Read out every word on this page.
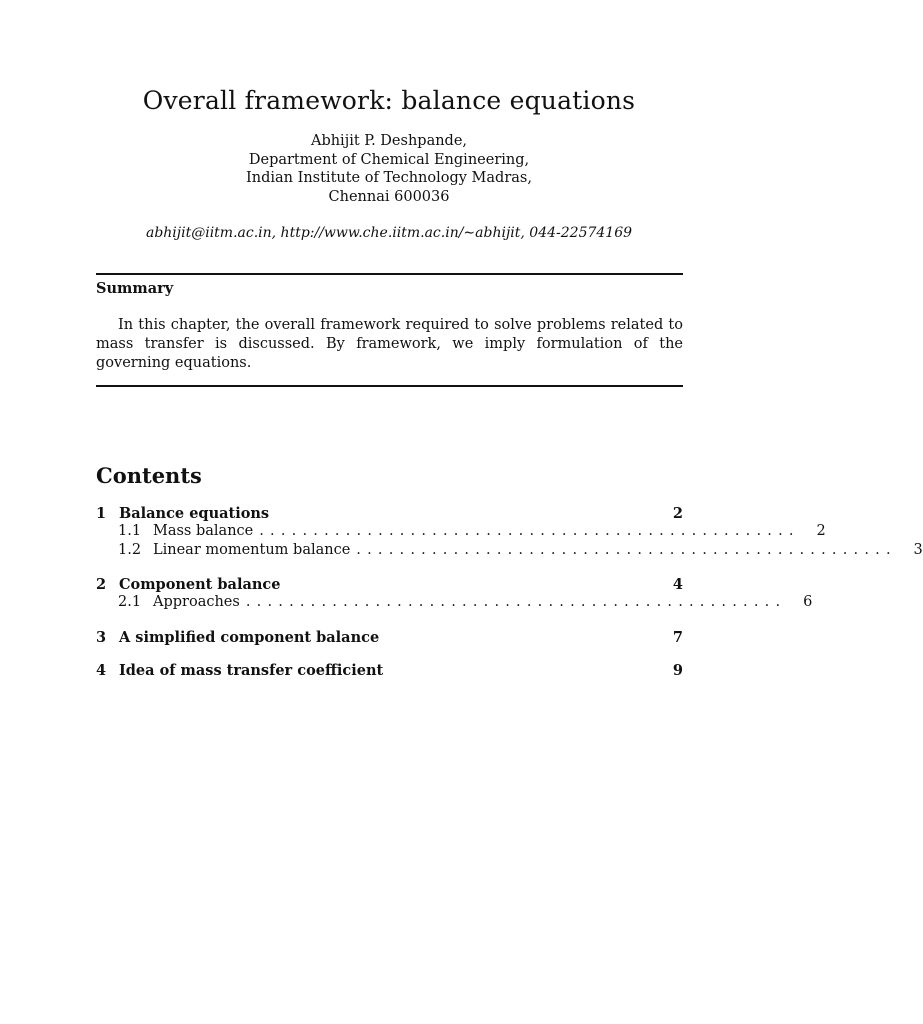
Overall framework: balance equations
Abhijit P. Deshpande,
Department of Chemical Engineering,
Indian Institute of Technology Madras,
Chennai 600036
abhijit@iitm.ac.in, http://www.che.iitm.ac.in/∼abhijit, 044-22574169
Summary

In this chapter, the overall framework required to solve problems related to mass transfer is discussed. By framework, we imply formulation of the governing equations.

Contents
1 Balance equations	2
1.1 Mass balance ..................................................	2
1.2 Linear momentum balance ..................................................	3
2 Component balance	4
2.1 Approaches ..................................................	6
3 A simplified component balance	7
4 Idea of mass transfer coefficient	9
